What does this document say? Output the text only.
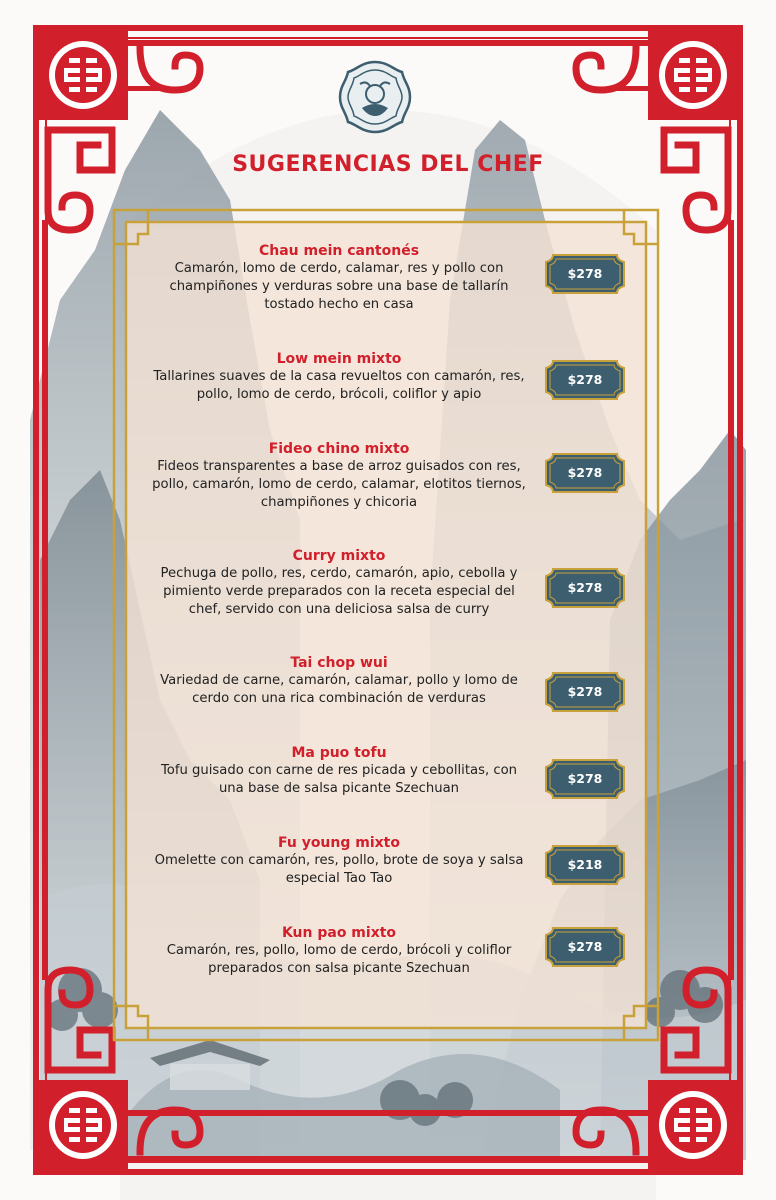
SUGERENCIAS DEL CHEF
Chau mein cantonés
Camarón, lomo de cerdo, calamar, res y pollo con champiñones y verduras sobre una base de tallarín tostado hecho en casa
$278
Low mein mixto
Tallarines suaves de la casa revueltos con camarón, res, pollo, lomo de cerdo, brócoli, coliflor y apio
$278
Fideo chino mixto
Fideos transparentes a base de arroz guisados con res, pollo, camarón, lomo de cerdo, calamar, elotitos tiernos, champiñones y chicoria
$278
Curry mixto
Pechuga de pollo, res, cerdo, camarón, apio, cebolla y pimiento verde preparados con la receta especial del chef, servido con una deliciosa salsa de curry
$278
Tai chop wui
Variedad de carne, camarón, calamar, pollo y lomo de cerdo con una rica combinación de verduras	$278
Ma puo tofu
Tofu guisado con carne de res picada y cebollitas, con una base de salsa picante Szechuan
$278
Fu young mixto
Omelette con camarón, res, pollo, brote de soya y salsa especial Tao Tao
$218
Kun pao mixto
Camarón, res, pollo, lomo de cerdo, brócoli y coliflor preparados con salsa picante Szechuan
$278
